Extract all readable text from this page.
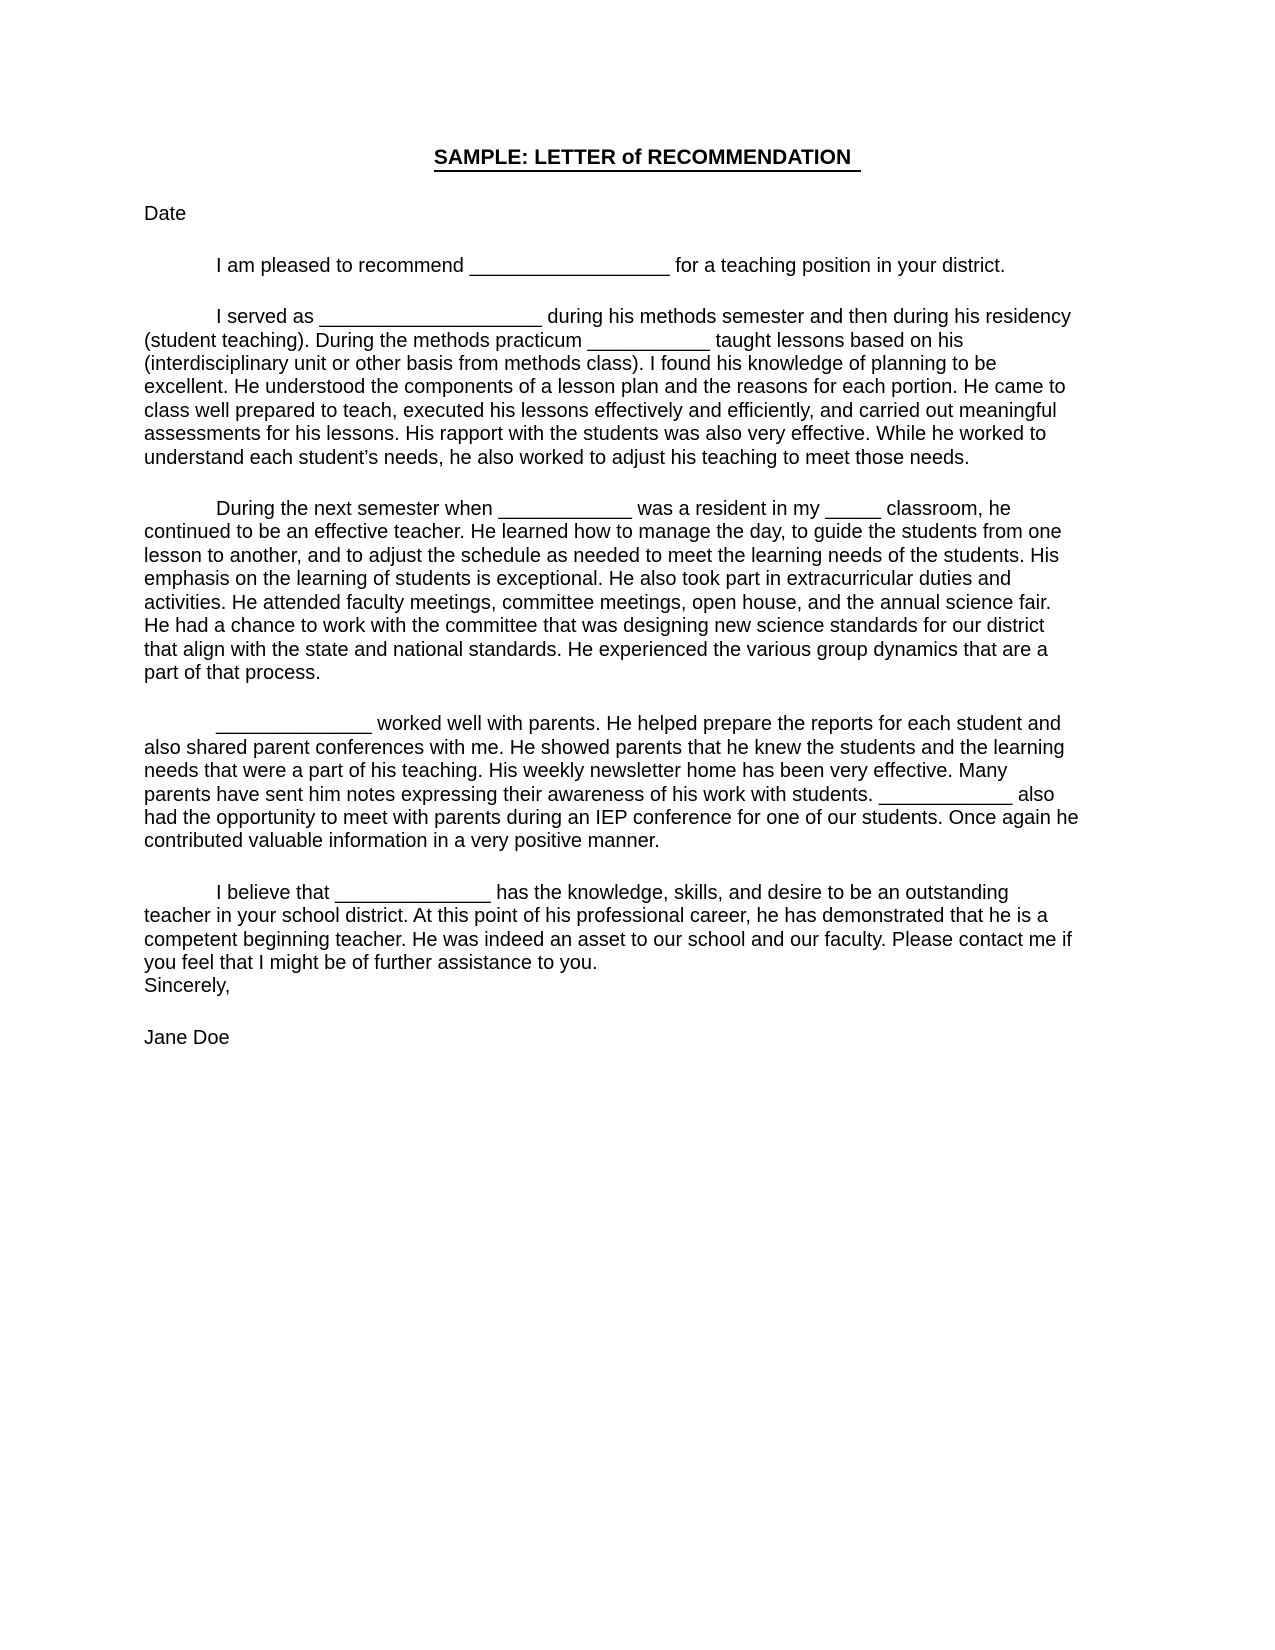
SAMPLE: LETTER of RECOMMENDATION
Date
I am pleased to recommend __________________ for a teaching position in your district.
I served as ____________________ during his methods semester and then during his residency
(student teaching). During the methods practicum ___________ taught lessons based on his
(interdisciplinary unit or other basis from methods class). I found his knowledge of planning to be
excellent. He understood the components of a lesson plan and the reasons for each portion. He came to
class well prepared to teach, executed his lessons effectively and efficiently, and carried out meaningful
assessments for his lessons. His rapport with the students was also very effective. While he worked to
understand each student’s needs, he also worked to adjust his teaching to meet those needs.
During the next semester when ____________ was a resident in my _____ classroom, he
continued to be an effective teacher. He learned how to manage the day, to guide the students from one
lesson to another, and to adjust the schedule as needed to meet the learning needs of the students. His
emphasis on the learning of students is exceptional. He also took part in extracurricular duties and
activities. He attended faculty meetings, committee meetings, open house, and the annual science fair.
He had a chance to work with the committee that was designing new science standards for our district
that align with the state and national standards. He experienced the various group dynamics that are a
part of that process.
______________ worked well with parents. He helped prepare the reports for each student and
also shared parent conferences with me. He showed parents that he knew the students and the learning
needs that were a part of his teaching. His weekly newsletter home has been very effective. Many
parents have sent him notes expressing their awareness of his work with students. ____________ also
had the opportunity to meet with parents during an IEP conference for one of our students. Once again he
contributed valuable information in a very positive manner.
I believe that ______________ has the knowledge, skills, and desire to be an outstanding
teacher in your school district. At this point of his professional career, he has demonstrated that he is a
competent beginning teacher. He was indeed an asset to our school and our faculty. Please contact me if
you feel that I might be of further assistance to you.
Sincerely,
Jane Doe
